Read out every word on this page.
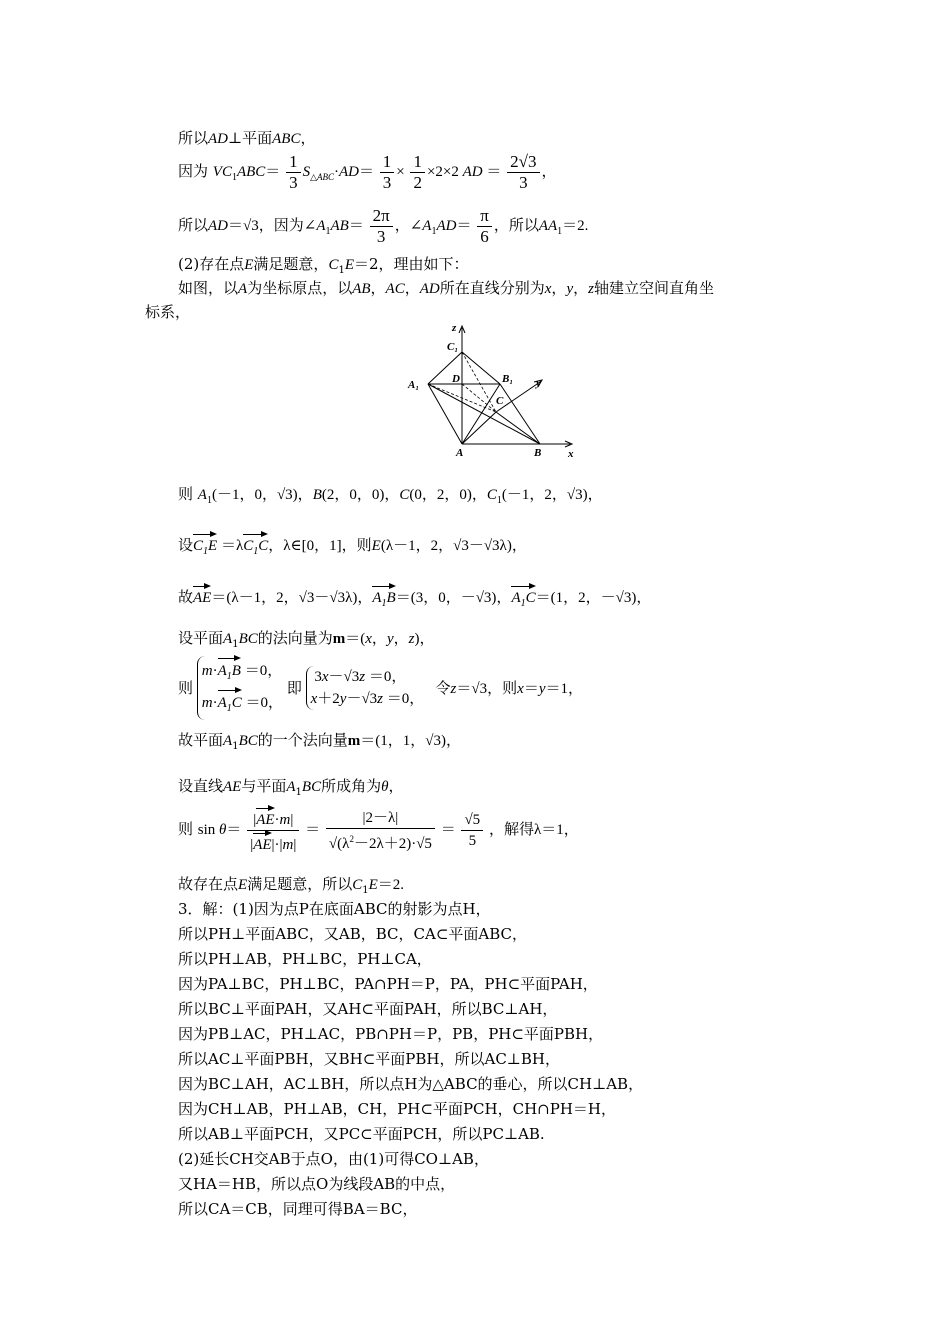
所以AD⊥平面ABC，
因为 $VC_1ABC= \frac{1}{3} S_{\triangle ABC}\cdot AD= \frac{1}{3} \times \frac{1}{2} \times 2\times 2$ AD ＝ $\frac{2√3}{3}$ ，
所以AD＝√3，因为$\angle A_1AB= \frac{2\pi}{3}$ ，$\angle A_1AD= \frac{\pi}{6}$ ，所以$AA_1=2$.
(2)存在点E满足题意，$C_1E=2$，理由如下：
如图，以A为坐标原点，以AB，AC，AD所在直线分别为x，y，z轴建立空间直角坐
标系，
z
C₁
D	B₁ y
A₁
C
A	B x
则 $A_1(-1$，0，√3)，B(2，0，0)，C(0，2，0)，$C_1(-1$，2，√3)，
设$C_1E =\lambda C_1C$，λ∈[0，1]，则E(λ－1，2，√3－√3λ)，
故AE＝(λ－1，2，√3－√3λ)，$A_1B=(3$，0，－√3)，$A_1C=(1$，2，－√3)，
设平面$A_1BC$的法向量为m＝(x，y，z)，
则
$m\cdot A_1B =0$，
$m\cdot A_1C =0$，
即
3x－√3z ＝0，
x＋2y－√3z ＝0，
令z＝√3，则x＝y＝1，
故平面$A_1BC$的一个法向量m＝(1，1，√3)，
设直线AE与平面$A_1BC$所成角为θ，
则 $\sin \theta= \frac{|AE\cdot m|}{|AE|\cdot|m|} = \frac{|2-\lambda|}{√(\lambda^2-2\lambda+2)\cdot√5} = \frac{√5}{5}$ ，解得λ＝1，
故存在点E满足题意，所以$C_1E=2$.
3．解：(1)因为点P在底面ABC的射影为点H，
所以PH⊥平面ABC，又AB，BC，CA⊂平面ABC，
所以PH⊥AB，PH⊥BC，PH⊥CA，
因为PA⊥BC，PH⊥BC，PA∩PH＝P，PA，PH⊂平面PAH，
所以BC⊥平面PAH，又AH⊂平面PAH，所以BC⊥AH，
因为PB⊥AC，PH⊥AC，PB∩PH＝P，PB，PH⊂平面PBH，
所以AC⊥平面PBH，又BH⊂平面PBH，所以AC⊥BH，
因为BC⊥AH，AC⊥BH，所以点H为△ABC的垂心，所以CH⊥AB，
因为CH⊥AB，PH⊥AB，CH，PH⊂平面PCH，CH∩PH＝H，
所以AB⊥平面PCH，又PC⊂平面PCH，所以PC⊥AB.
(2)延长CH交AB于点O，由(1)可得CO⊥AB，
又HA＝HB，所以点O为线段AB的中点，
所以CA＝CB，同理可得BA＝BC，
